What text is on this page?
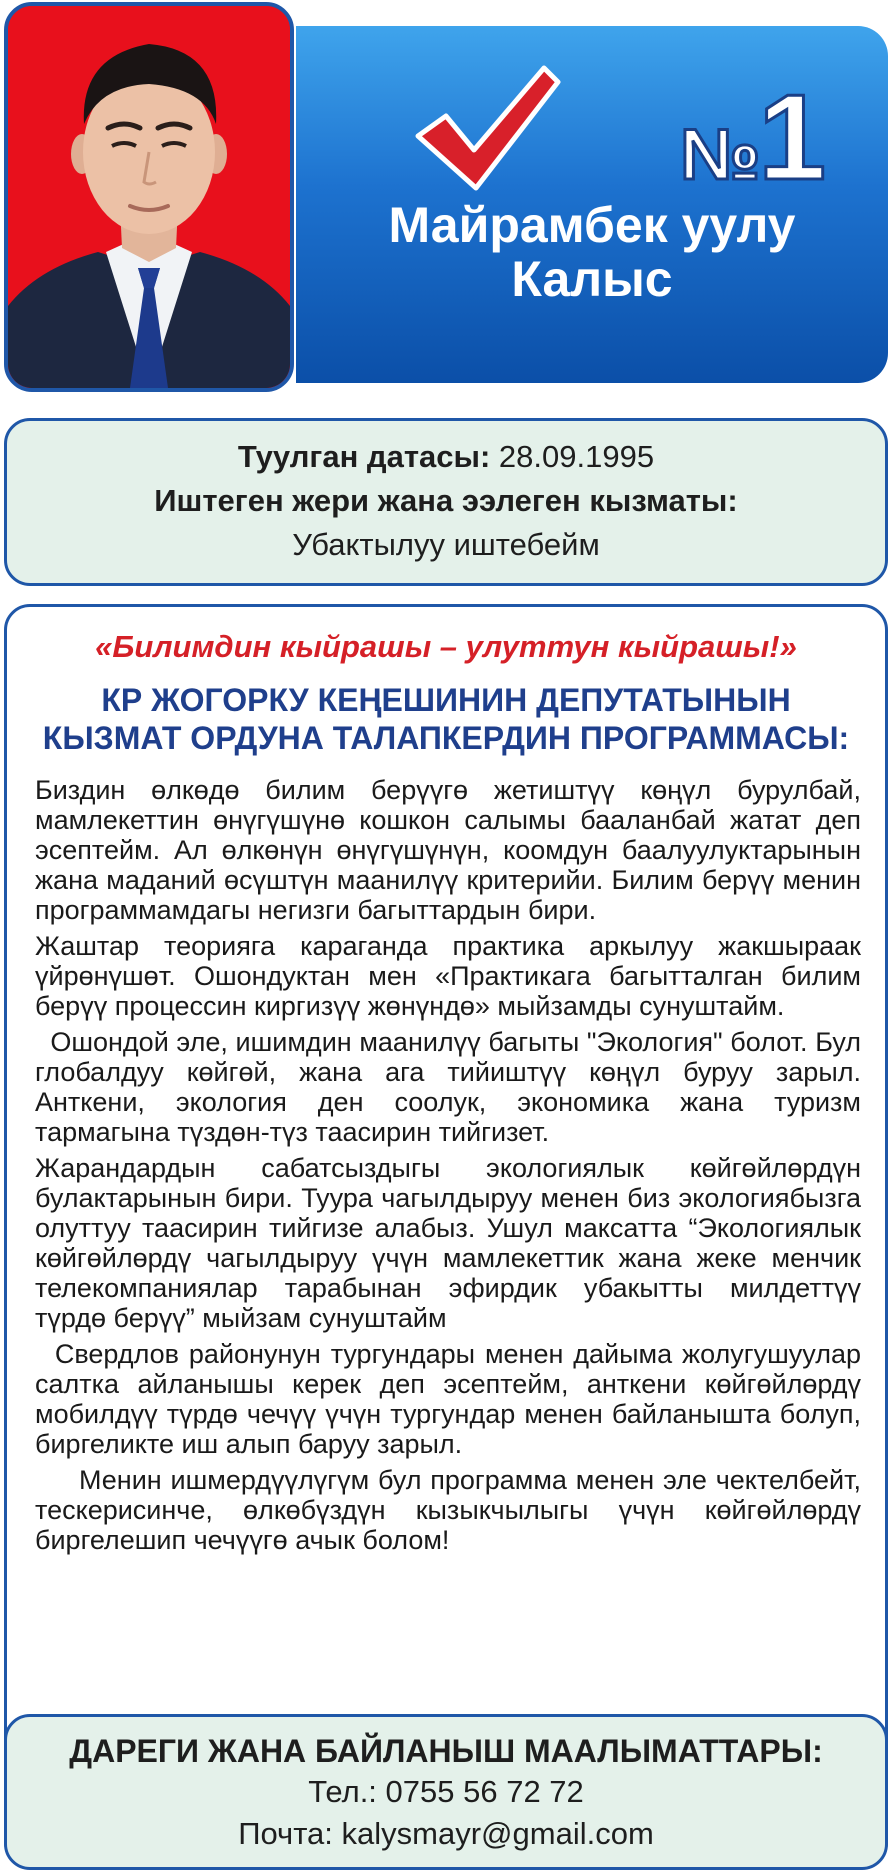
№1
Майрамбек уулу
Калыс
Туулган датасы: 28.09.1995
Иштеген жери жана ээлеген кызматы:
Убактылуу иштебейм
«Билимдин кыйрашы – улуттун кыйрашы!»
КР ЖОГОРКУ КЕҢЕШИНИН ДЕПУТАТЫНЫН
КЫЗМАТ ОРДУНА ТАЛАПКЕРДИН ПРОГРАММАСЫ:

Биздин өлкөдө билим берүүгө жетиштүү көңүл бурулбай, мамлекеттин өнүгүшүнө кошкон салымы бааланбай жатат деп эсептейм. Ал өлкөнүн өнүгүшүнүн, коомдун баалуулуктарынын жана маданий өсүштүн маанилүү критерийи. Билим берүү менин программамдагы негизги багыттардын бири.

Жаштар теорияга караганда практика аркылуу жакшыраак үйрөнүшөт. Ошондуктан мен «Практикага багытталган билим берүү процессин киргизүү жөнүндө» мыйзамды сунуштайм.

Ошондой эле, ишимдин маанилүү багыты "Экология" болот. Бул глобалдуу көйгөй, жана ага тийиштүү көңүл буруу зарыл. Анткени, экология ден соолук, экономика жана туризм тармагына түздөн-түз таасирин тийгизет.

Жарандардын сабатсыздыгы экологиялык көйгөйлөрдүн булактарынын бири. Туура чагылдыруу менен биз экологиябызга олуттуу таасирин тийгизе алабыз. Ушул максатта “Экологиялык көйгөйлөрдү чагылдыруу үчүн мамлекеттик жана жеке менчик телекомпаниялар тарабынан эфирдик убакытты милдеттүү түрдө берүү” мыйзам сунуштайм

Свердлов районунун тургундары менен дайыма жолугушуулар салтка айланышы керек деп эсептейм, анткени көйгөйлөрдү мобилдүү түрдө чечүү үчүн тургундар менен байланышта болуп, биргеликте иш алып баруу зарыл.

Менин ишмердүүлүгүм бул программа менен эле чектелбейт, тескерисинче, өлкөбүздүн кызыкчылыгы үчүн көйгөйлөрдү биргелешип чечүүгө ачык болом!

ДАРЕГИ ЖАНА БАЙЛАНЫШ МААЛЫМАТТАРЫ:
Тел.: 0755 56 72 72
Почта: kalysmayr@gmail.com
